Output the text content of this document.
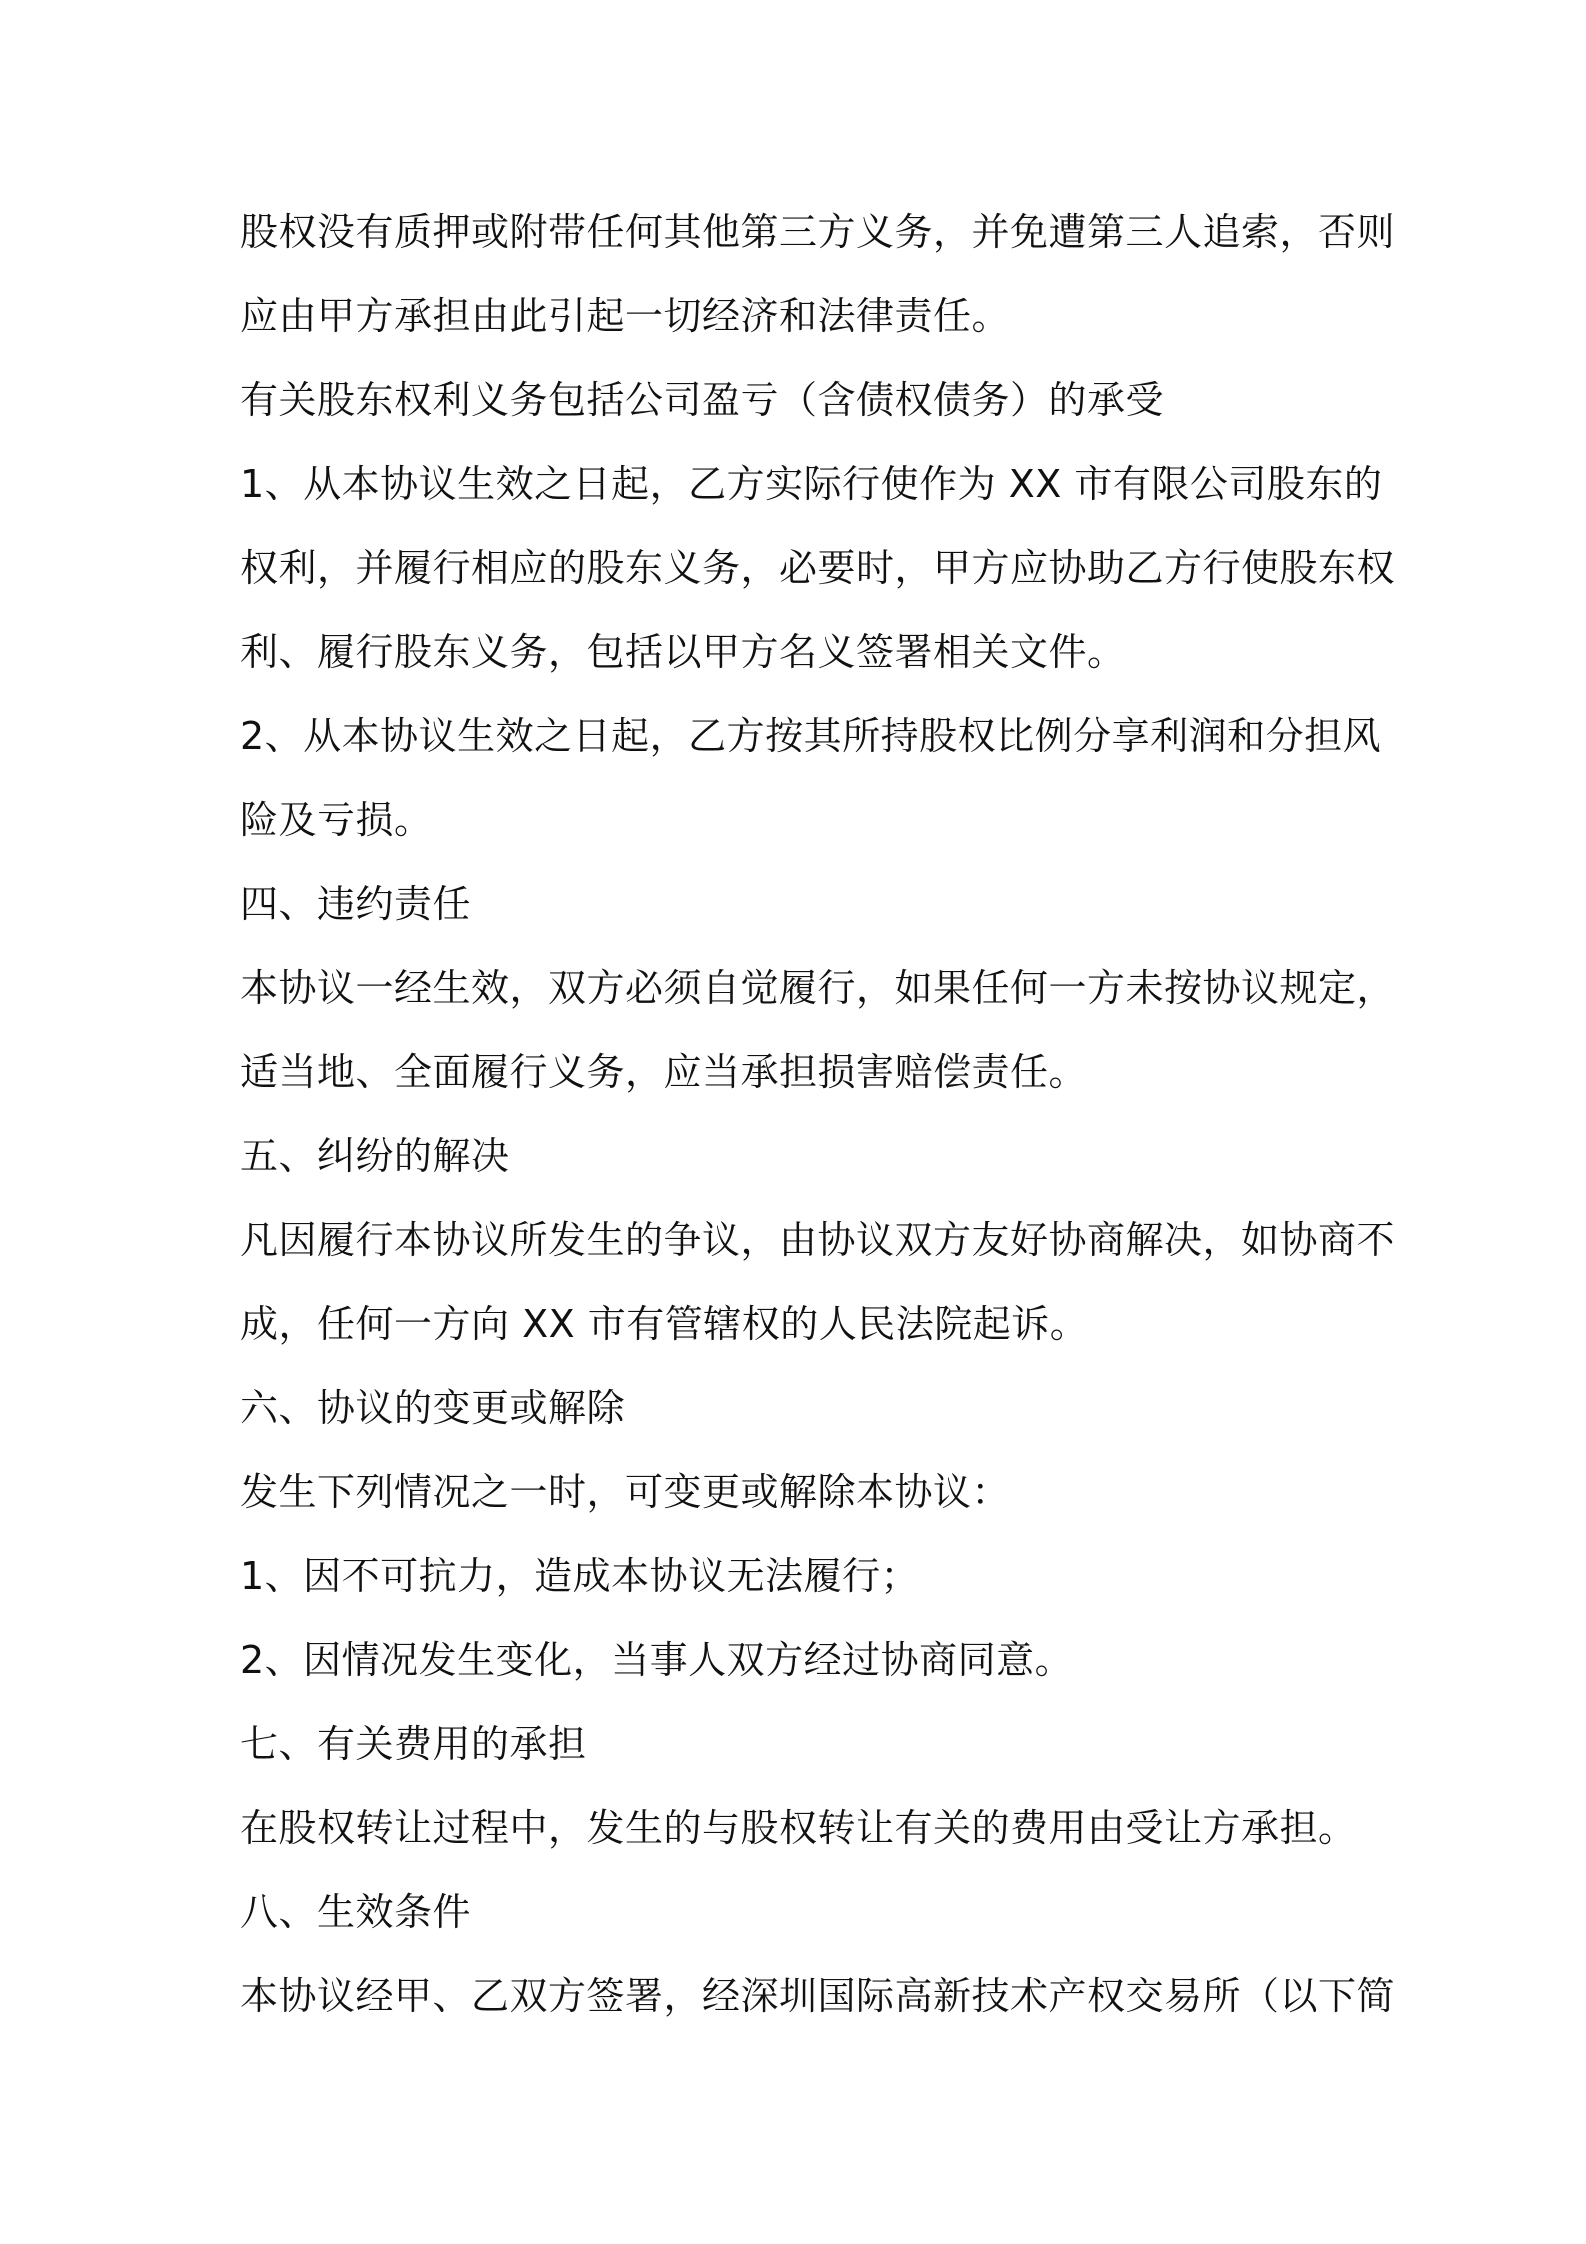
股权没有质押或附带任何其他第三方义务，并免遭第三人追索，否则
应由甲方承担由此引起一切经济和法律责任。
有关股东权利义务包括公司盈亏（含债权债务）的承受
1、从本协议生效之日起，乙方实际行使作为 XX 市有限公司股东的
权利，并履行相应的股东义务，必要时，甲方应协助乙方行使股东权
利、履行股东义务，包括以甲方名义签署相关文件。
2、从本协议生效之日起，乙方按其所持股权比例分享利润和分担风
险及亏损。
四、违约责任
本协议一经生效，双方必须自觉履行，如果任何一方未按协议规定，
适当地、全面履行义务，应当承担损害赔偿责任。
五、纠纷的解决
凡因履行本协议所发生的争议，由协议双方友好协商解决，如协商不
成，任何一方向 XX 市有管辖权的人民法院起诉。
六、协议的变更或解除
发生下列情况之一时，可变更或解除本协议：
1、因不可抗力，造成本协议无法履行；
2、因情况发生变化，当事人双方经过协商同意。
七、有关费用的承担
在股权转让过程中，发生的与股权转让有关的费用由受让方承担。
八、生效条件
本协议经甲、乙双方签署，经深圳国际高新技术产权交易所（以下简
